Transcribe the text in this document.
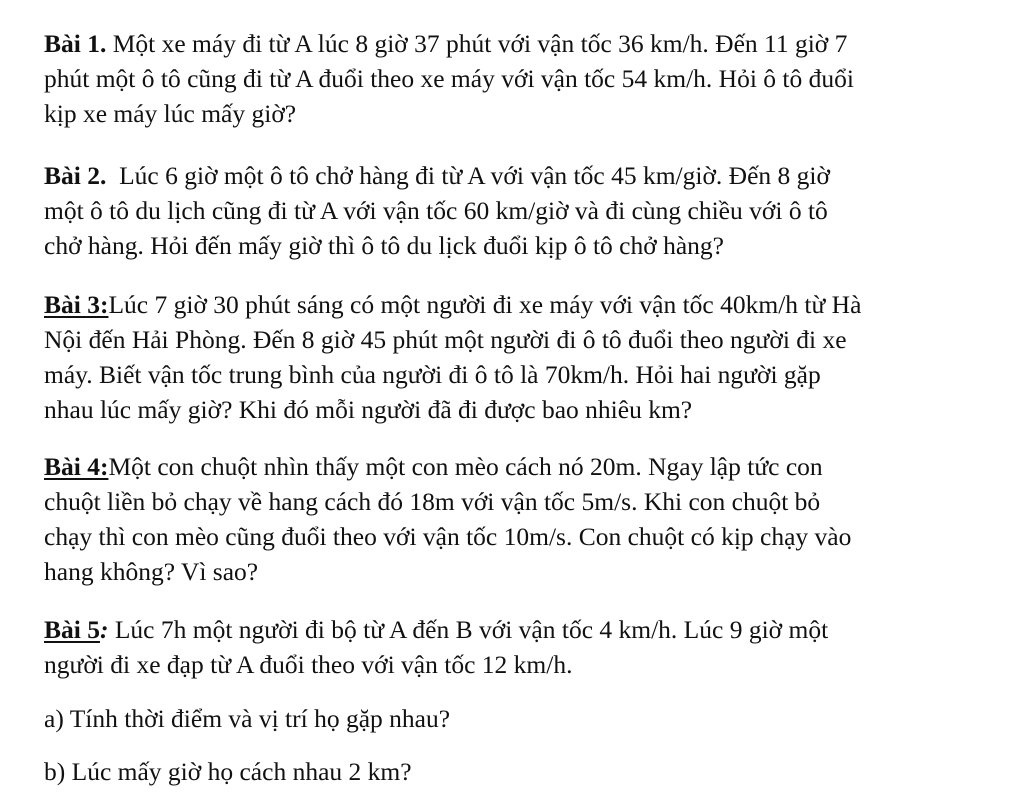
Bài 1. Một xe máy đi từ A lúc 8 giờ 37 phút với vận tốc 36 km/h. Đến 11 giờ 7
phút một ô tô cũng đi từ A đuổi theo xe máy với vận tốc 54 km/h. Hỏi ô tô đuổi
kịp xe máy lúc mấy giờ?
Bài 2.  Lúc 6 giờ một ô tô chở hàng đi từ A với vận tốc 45 km/giờ. Đến 8 giờ
một ô tô du lịch cũng đi từ A với vận tốc 60 km/giờ và đi cùng chiều với ô tô
chở hàng. Hỏi đến mấy giờ thì ô tô du lịck đuổi kịp ô tô chở hàng?
Bài 3:Lúc 7 giờ 30 phút sáng có một người đi xe máy với vận tốc 40km/h từ Hà
Nội đến Hải Phòng. Đến 8 giờ 45 phút một người đi ô tô đuổi theo người đi xe
máy. Biết vận tốc trung bình của người đi ô tô là 70km/h. Hỏi hai người gặp
nhau lúc mấy giờ? Khi đó mỗi người đã đi được bao nhiêu km?
Bài 4:Một con chuột nhìn thấy một con mèo cách nó 20m. Ngay lập tức con
chuột liền bỏ chạy về hang cách đó 18m với vận tốc 5m/s. Khi con chuột bỏ
chạy thì con mèo cũng đuổi theo với vận tốc 10m/s. Con chuột có kịp chạy vào
hang không? Vì sao?
Bài 5: Lúc 7h một người đi bộ từ A đến B với vận tốc 4 km/h. Lúc 9 giờ một
người đi xe đạp từ A đuổi theo với vận tốc 12 km/h.
a) Tính thời điểm và vị trí họ gặp nhau?
b) Lúc mấy giờ họ cách nhau 2 km?
